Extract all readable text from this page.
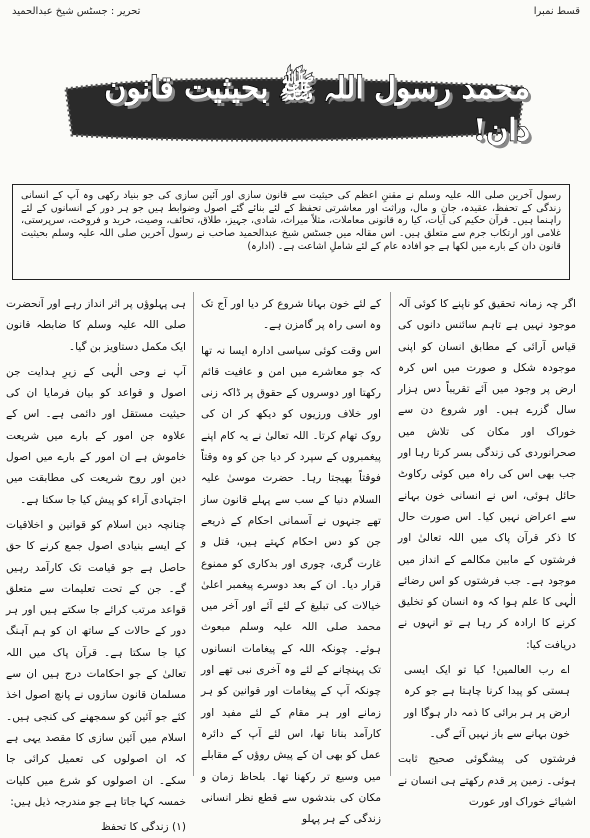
قسط نمبرا
تحریر : جسٹس شیخ عبدالحمید
محمد رسول اللہ ﷺ بحیثیت قانون دان!

رسول آخرین صلی اللہ علیہ وسلم نے مقننِ اعظم کی حیثیت سے قانون سازی اور آئین سازی کی جو بنیاد رکھی وہ آپ کے انسانی زندگی کے تحفظ، عقیدہ، جان و مال، وراثت اور معاشرتی تحفظ کے لئے بنائے گئے اصول وضوابط ہیں جو ہر دور کے انسانوں کے لئے راہنما ہیں۔ قرآن حکیم کی آیات، کیا رہ قانونی معاملات، مثلاً میراث، شادی، جہیز، طلاق، تحائف، وصیت، خرید و فروخت، سرپرستی، غلامی اور ارتکاب جرم سے متعلق ہیں۔ اس مقالہ میں جسٹس شیخ عبدالحمید صاحب نے رسول آخرین صلی اللہ علیہ وسلم بحیثیت قانون دان کے بارے میں لکھا ہے جو افادہ عام کے لئے شاملِ اشاعت ہے۔ (ادارہ)

اگر چہ زمانہ تحقیق کو ناپنے کا کوئی آلہ موجود نہیں ہے تاہم سائنس دانوں کی قیاس آرائی کے مطابق انسان کو اپنی موجودہ شکل و صورت میں اس کرہ ارض پر وجود میں آئے تقریباً دس ہزار سال گزرے ہیں۔ اور شروع دن سے خوراک اور مکان کی تلاش میں صحرانوردی کی زندگی بسر کرتا رہا اور جب بھی اس کی راہ میں کوئی رکاوٹ حائل ہوئی، اس نے انسانی خون بہانے سے اعراض نہیں کیا۔ اس صورت حال کا ذکر قرآن پاک میں اللہ تعالیٰ اور فرشتوں کے مابین مکالمے کے انداز میں موجود ہے۔ جب فرشتوں کو اس رضائے الٰہی کا علم ہوا کہ وہ انسان کو تخلیق کرنے کا ارادہ کر رہا ہے تو انہوں نے دریافت کیا:

اے رب العالمین! کیا تو ایک ایسی ہستی کو پیدا کرنا چاہتا ہے جو کرہ ارض پر ہر برائی کا ذمہ دار ہوگا اور خون بہانے سے باز نہیں آئے گی۔

فرشتوں کی پیشگوئی صحیح ثابت ہوئی۔ زمین پر قدم رکھتے ہی انسان نے اشیائے خوراک اور عورت

کے لئے خون بہانا شروع کر دیا اور آج تک وہ اسی راہ پر گامزن ہے۔

اس وقت کوئی سیاسی ادارہ ایسا نہ تھا کہ جو معاشرے میں امن و عافیت قائم رکھتا اور دوسروں کے حقوق پر ڈاکہ زنی اور خلاف ورزیوں کو دیکھ کر ان کی روک تھام کرتا۔ اللہ تعالیٰ نے یہ کام اپنے پیغمبروں کے سپرد کر دیا جن کو وہ وقتاً فوقتاً بھیجتا رہا۔ حضرت موسیٰ علیہ السلام دنیا کے سب سے پہلے قانون ساز تھے جنہوں نے آسمانی احکام کے ذریعے جن کو دس احکام کہتے ہیں، قتل و غارت گری، چوری اور بدکاری کو ممنوع قرار دیا۔ ان کے بعد دوسرے پیغمبر اعلیٰ خیالات کی تبلیغ کے لئے آئے اور آخر میں محمد صلی اللہ علیہ وسلم مبعوث ہوئے۔ چونکہ اللہ کے پیغامات انسانوں تک پہنچانے کے لئے وہ آخری نبی تھے اور چونکہ آپ کے پیغامات اور قوانین کو ہر زمانے اور ہر مقام کے لئے مفید اور کارآمد بنانا تھا، اس لئے آپ کے دائرہ عمل کو بھی ان کے پیش روؤں کے مقابلے میں وسیع تر رکھنا تھا۔ بلحاظ زمان و مکان کی بندشوں سے قطع نظر انسانی زندگی کے ہر پہلو

ہی پہلوؤں پر اثر انداز رہے اور آنحضرت صلی اللہ علیہ وسلم کا ضابطہ قانون ایک مکمل دستاویز بن گیا۔

آپ نے وحی الٰہی کے زیرِ ہدایت جن اصول و قواعد کو بیان فرمایا ان کی حیثیت مستقل اور دائمی ہے۔ اس کے علاوہ جن امور کے بارے میں شریعت خاموش ہے ان امور کے بارے میں اصول دین اور روح شریعت کی مطابقت میں اجتہادی آراء کو پیش کیا جا سکتا ہے۔

چنانچہ دین اسلام کو قوانین و اخلاقیات کے ایسے بنیادی اصول جمع کرنے کا حق حاصل ہے جو قیامت تک کارآمد رہیں گے۔ جن کے تحت تعلیمات سے متعلق قواعد مرتب کرائے جا سکتے ہیں اور ہر دور کے حالات کے ساتھ ان کو ہم آہنگ کیا جا سکتا ہے۔ قرآن پاک میں اللہ تعالیٰ کے جو احکامات درج ہیں ان سے مسلمان قانون سازوں نے پانچ اصول اخذ کئے جو آئین کو سمجھنے کی کنجی ہیں۔ اسلام میں آئین سازی کا مقصد یہی ہے کہ ان اصولوں کی تعمیل کرائی جا سکے۔ ان اصولوں کو شرع میں کلیات خمسہ کہا جاتا ہے جو مندرجہ ذیل ہیں:

(۱) زندگی کا تحفظ
